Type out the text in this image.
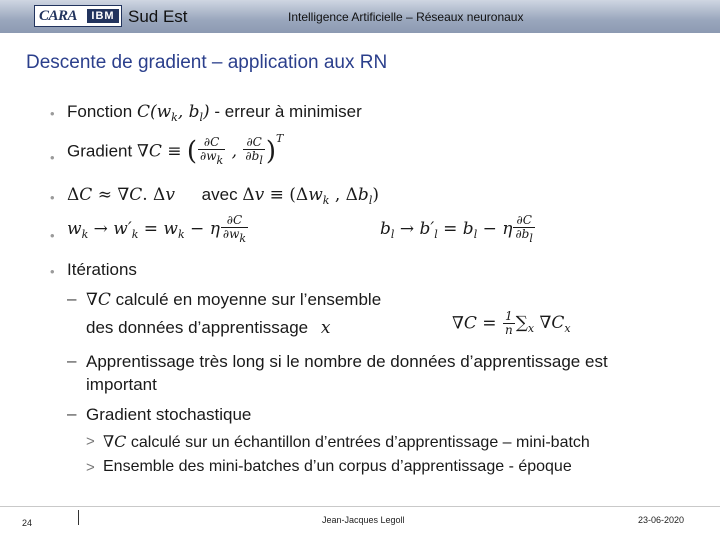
CARA	IBM Sud Est	Intelligence Artificielle – Réseaux neuronaux
Descente de gradient – application aux RN
• Fonction $C(w_k$, $b_l$) - erreur à minimiser
• Gradient ∇C ≡ ( $\frac{\partial C}{\partial wk}$ , $\frac{\partial C}{\partial bl} )^T$
• ΔC ≈ ∇C. Δv avec $\Delta v \equiv (\Delta w_k$ , $\Delta b_l$)
• $w_k \to w'_k = w_k - \eta \frac{\partial C}{\partial wk}$	$b_l \to b'_l = b_l - \eta \frac{\partial C}{\partial bl}$
• Itérations
– ∇C calculé en moyenne sur l’ensemble
des données d’apprentissage x	$\nabla C = \frac{1}{n} \sum_x$ $\nabla C_x$
– Apprentissage très long si le nombre de données d’apprentissage est
important
– Gradient stochastique
> ∇C calculé sur un échantillon d’entrées d’apprentissage – mini-batch
> Ensemble des mini-batches d’un corpus d’apprentissage - époque
24	Jean-Jacques Legoll	23-06-2020
